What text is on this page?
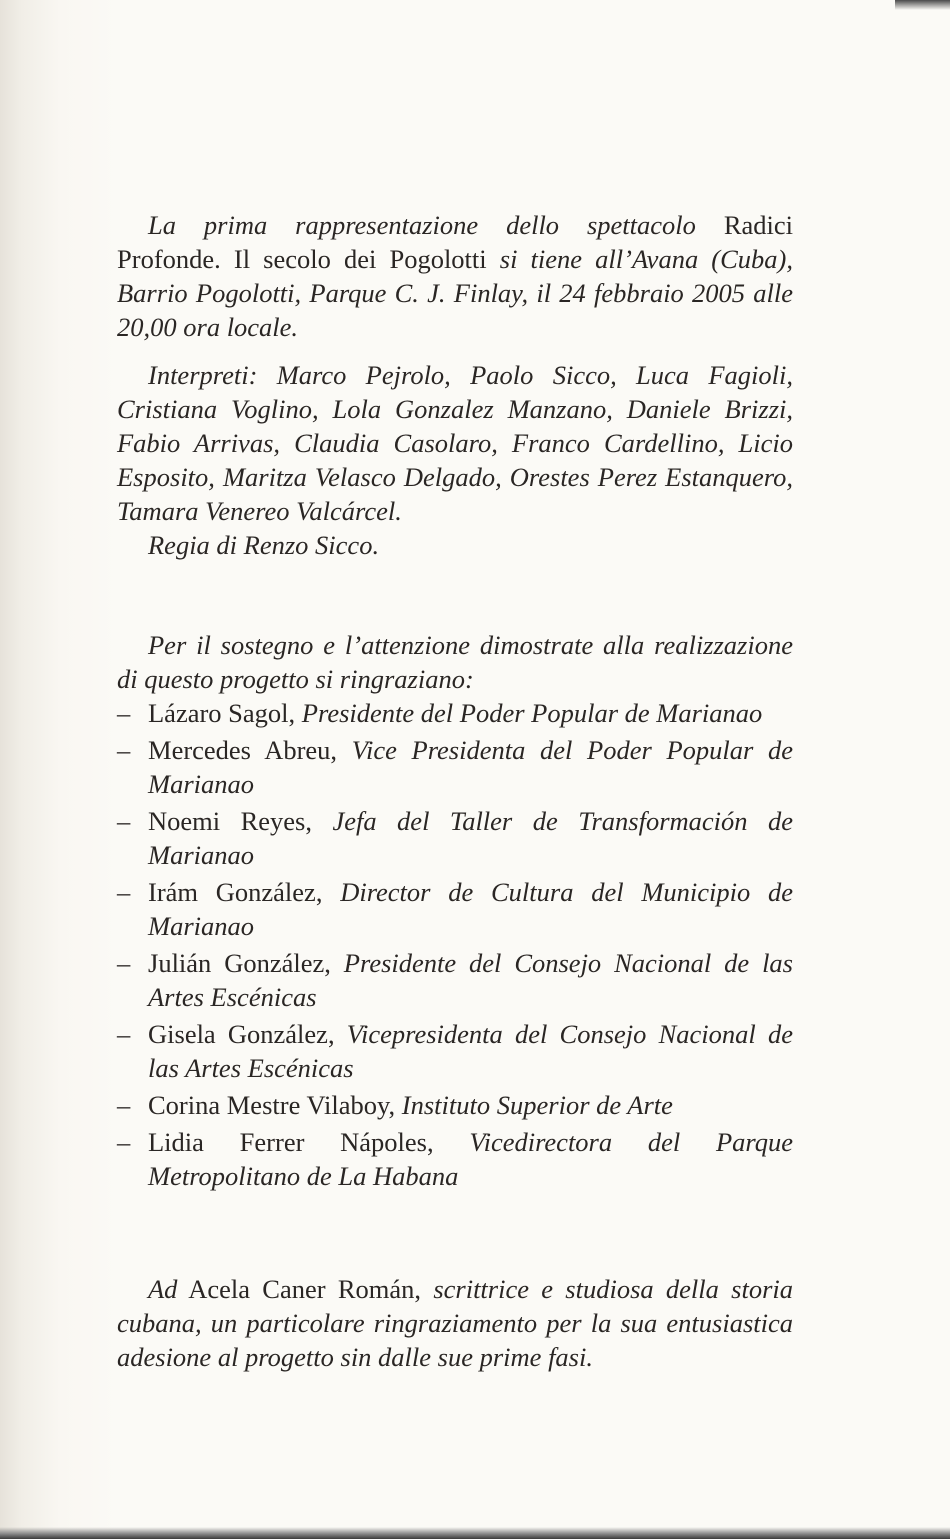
La prima rappresentazione dello spettacolo Radici Profonde. Il secolo dei Pogolotti si tiene all’Avana (Cuba), Barrio Pogolotti, Parque C. J. Finlay, il 24 febbraio 2005 alle 20,00 ora locale.

Interpreti: Marco Pejrolo, Paolo Sicco, Luca Fagioli, Cristiana Voglino, Lola Gonzalez Manzano, Daniele Brizzi, Fabio Arrivas, Claudia Casolaro, Franco Cardellino, Licio Esposito, Maritza Velasco Delgado, Orestes Perez Estanquero, Tamara Venereo Valcárcel.

Regia di Renzo Sicco.

Per il sostegno e l’attenzione dimostrate alla realizzazione di questo progetto si ringraziano:

– Lázaro Sagol, Presidente del Poder Popular de Marianao
– Mercedes Abreu, Vice Presidenta del Poder Popular de Marianao
– Noemi Reyes, Jefa del Taller de Transformación de Marianao
– Irám González, Director de Cultura del Municipio de Marianao
– Julián González, Presidente del Consejo Nacional de las Artes Escénicas
– Gisela González, Vicepresidenta del Consejo Nacional de las Artes Escénicas
– Corina Mestre Vilaboy, Instituto Superior de Arte
– Lidia Ferrer Nápoles, Vicedirectora del Parque Metropolitano de La Habana

Ad Acela Caner Román, scrittrice e studiosa della storia cubana, un particolare ringraziamento per la sua entusiastica adesione al progetto sin dalle sue prime fasi.
